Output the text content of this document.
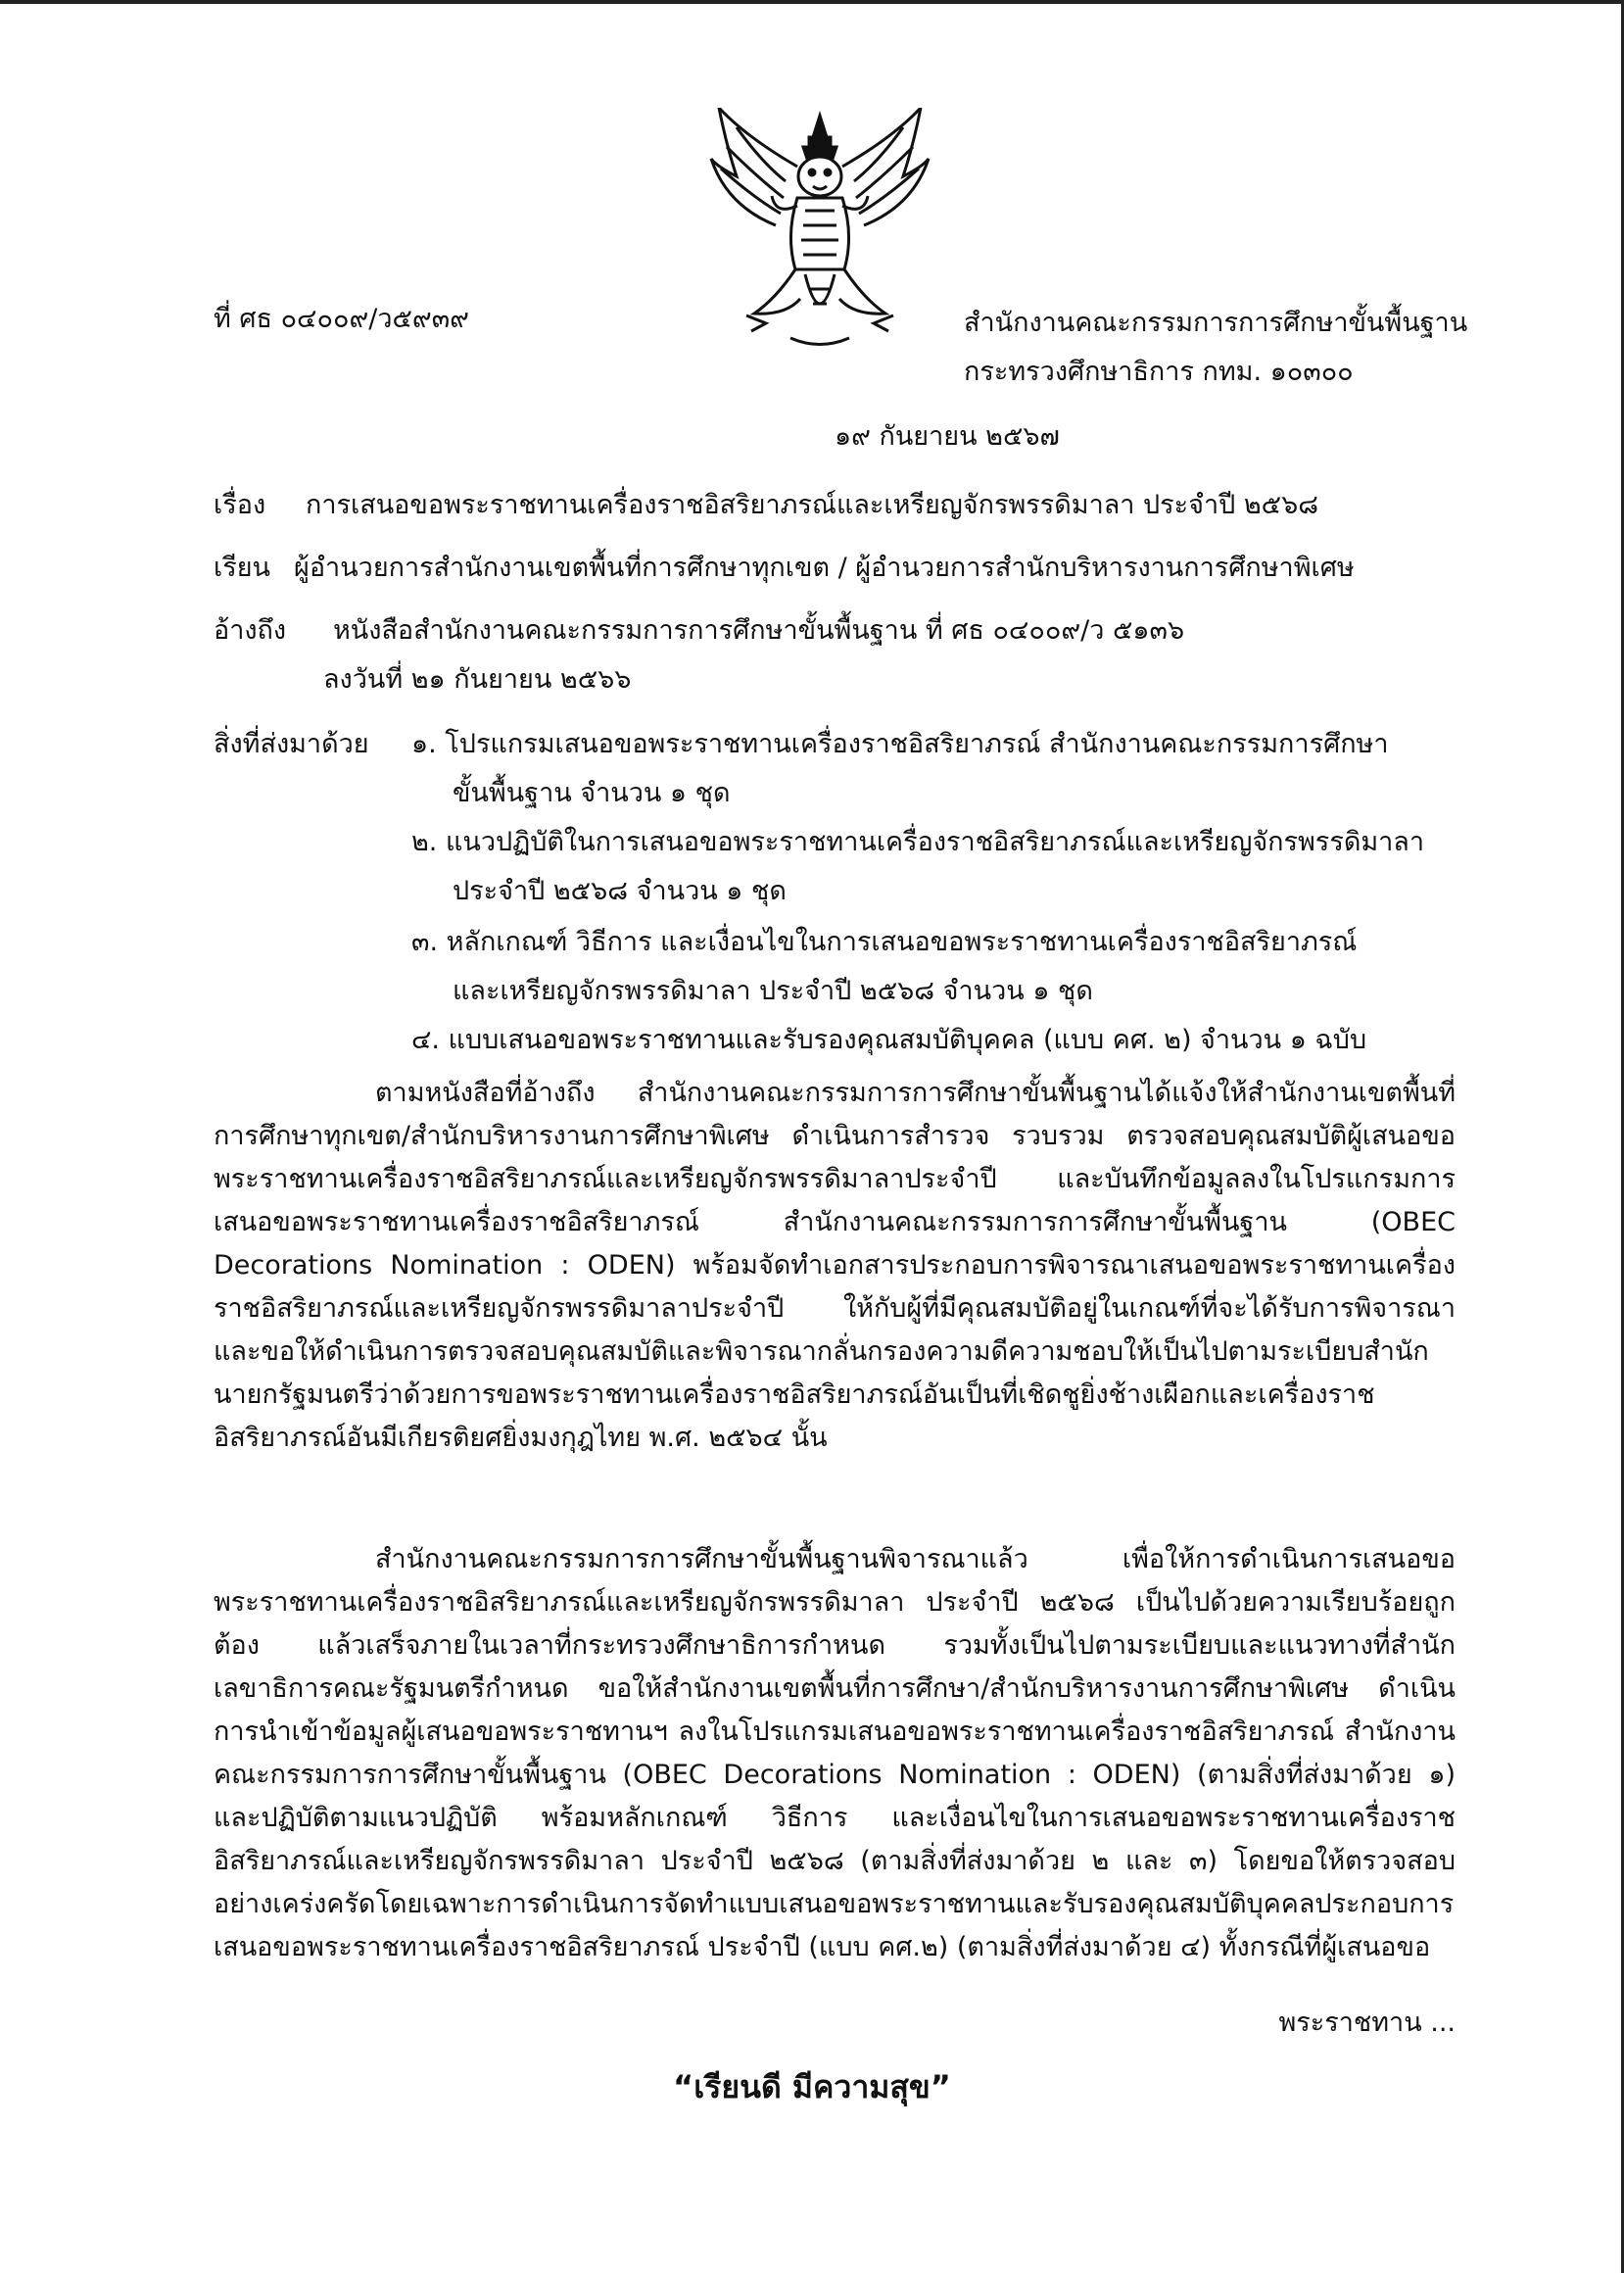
ที่ ศธ ๐๔๐๐๙/ว๕๙๓๙	สำนักงานคณะกรรมการการศึกษาขั้นพื้นฐาน
กระทรวงศึกษาธิการ กทม. ๑๐๓๐๐
๑๙ กันยายน ๒๕๖๗
เรื่อง การเสนอขอพระราชทานเครื่องราชอิสริยาภรณ์และเหรียญจักรพรรดิมาลา ประจำปี ๒๕๖๘
เรียน ผู้อำนวยการสำนักงานเขตพื้นที่การศึกษาทุกเขต / ผู้อำนวยการสำนักบริหารงานการศึกษาพิเศษ
อ้างถึง หนังสือสำนักงานคณะกรรมการการศึกษาขั้นพื้นฐาน ที่ ศธ ๐๔๐๐๙/ว ๕๑๓๖
ลงวันที่ ๒๑ กันยายน ๒๕๖๖
สิ่งที่ส่งมาด้วย ๑. โปรแกรมเสนอขอพระราชทานเครื่องราชอิสริยาภรณ์ สำนักงานคณะกรรมการศึกษา
ขั้นพื้นฐาน จำนวน ๑ ชุด
๒. แนวปฏิบัติในการเสนอขอพระราชทานเครื่องราชอิสริยาภรณ์และเหรียญจักรพรรดิมาลา
ประจำปี ๒๕๖๘ จำนวน ๑ ชุด
๓. หลักเกณฑ์ วิธีการ และเงื่อนไขในการเสนอขอพระราชทานเครื่องราชอิสริยาภรณ์
และเหรียญจักรพรรดิมาลา ประจำปี ๒๕๖๘ จำนวน ๑ ชุด
๔. แบบเสนอขอพระราชทานและรับรองคุณสมบัติบุคคล (แบบ คศ. ๒) จำนวน ๑ ฉบับ
ตามหนังสือที่อ้างถึง สำนักงานคณะกรรมการการศึกษาขั้นพื้นฐานได้แจ้งให้สำนักงานเขตพื้นที่การศึกษาทุกเขต/สำนักบริหารงานการศึกษาพิเศษ ดำเนินการสำรวจ รวบรวม ตรวจสอบคุณสมบัติผู้เสนอขอพระราชทานเครื่องราชอิสริยาภรณ์และเหรียญจักรพรรดิมาลาประจำปี และบันทึกข้อมูลลงในโปรแกรมการเสนอขอพระราชทานเครื่องราชอิสริยาภรณ์ สำนักงานคณะกรรมการการศึกษาขั้นพื้นฐาน (OBEC Decorations Nomination : ODEN) พร้อมจัดทำเอกสารประกอบการพิจารณาเสนอขอพระราชทานเครื่องราชอิสริยาภรณ์และเหรียญจักรพรรดิมาลาประจำปี ให้กับผู้ที่มีคุณสมบัติอยู่ในเกณฑ์ที่จะได้รับการพิจารณา และขอให้ดำเนินการตรวจสอบคุณสมบัติและพิจารณากลั่นกรองความดีความชอบให้เป็นไปตามระเบียบสำนักนายกรัฐมนตรีว่าด้วยการขอพระราชทานเครื่องราชอิสริยาภรณ์อันเป็นที่เชิดชูยิ่งช้างเผือกและเครื่องราชอิสริยาภรณ์อันมีเกียรติยศยิ่งมงกุฎไทย พ.ศ. ๒๕๖๔ นั้น
สำนักงานคณะกรรมการการศึกษาขั้นพื้นฐานพิจารณาแล้ว เพื่อให้การดำเนินการเสนอขอพระราชทานเครื่องราชอิสริยาภรณ์และเหรียญจักรพรรดิมาลา ประจำปี ๒๕๖๘ เป็นไปด้วยความเรียบร้อยถูกต้อง แล้วเสร็จภายในเวลาที่กระทรวงศึกษาธิการกำหนด รวมทั้งเป็นไปตามระเบียบและแนวทางที่สำนักเลขาธิการคณะรัฐมนตรีกำหนด ขอให้สำนักงานเขตพื้นที่การศึกษา/สำนักบริหารงานการศึกษาพิเศษ ดำเนินการนำเข้าข้อมูลผู้เสนอขอพระราชทานฯ ลงในโปรแกรมเสนอขอพระราชทานเครื่องราชอิสริยาภรณ์ สำนักงานคณะกรรมการการศึกษาขั้นพื้นฐาน (OBEC Decorations Nomination : ODEN) (ตามสิ่งที่ส่งมาด้วย ๑) และปฏิบัติตามแนวปฏิบัติ พร้อมหลักเกณฑ์ วิธีการ และเงื่อนไขในการเสนอขอพระราชทานเครื่องราชอิสริยาภรณ์และเหรียญจักรพรรดิมาลา ประจำปี ๒๕๖๘ (ตามสิ่งที่ส่งมาด้วย ๒ และ ๓) โดยขอให้ตรวจสอบอย่างเคร่งครัดโดยเฉพาะการดำเนินการจัดทำแบบเสนอขอพระราชทานและรับรองคุณสมบัติบุคคลประกอบการเสนอขอพระราชทานเครื่องราชอิสริยาภรณ์ ประจำปี (แบบ คศ.๒) (ตามสิ่งที่ส่งมาด้วย ๔) ทั้งกรณีที่ผู้เสนอขอ
พระราชทาน ...
“เรียนดี มีความสุข”
